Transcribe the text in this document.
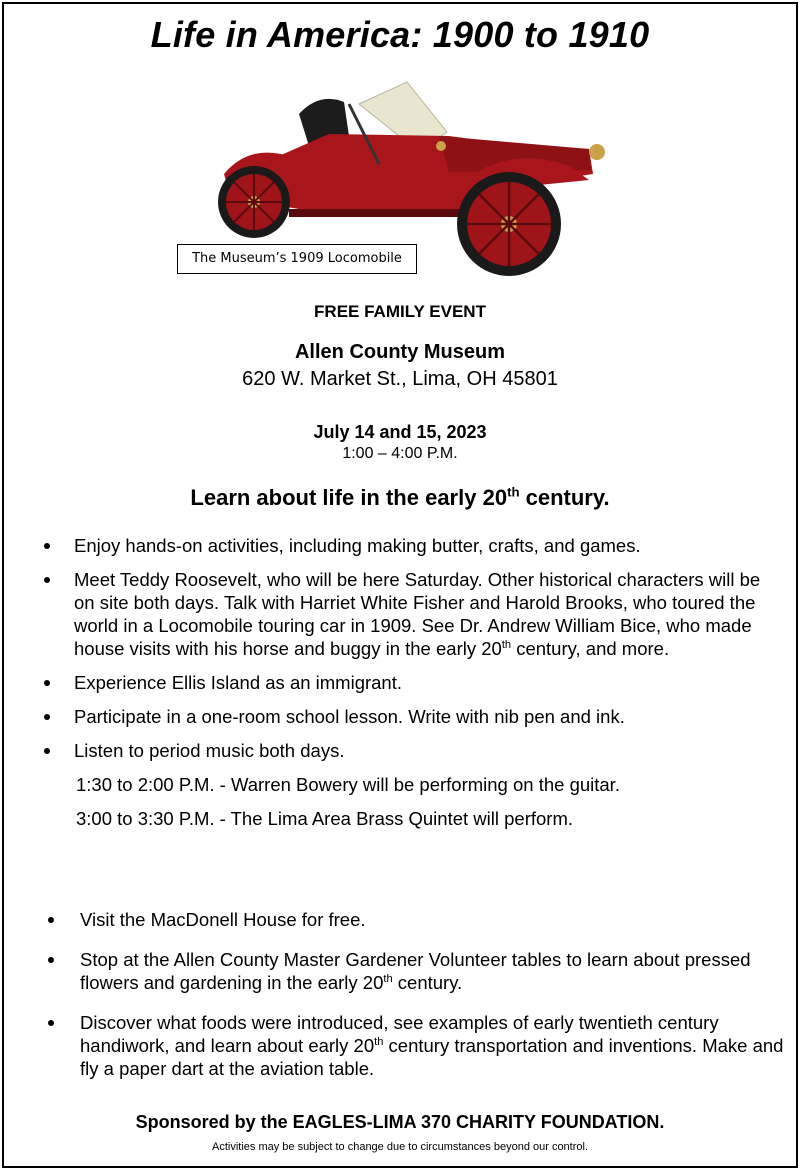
Life in America: 1900 to 1910
The Museum’s 1909 Locomobile
FREE FAMILY EVENT
Allen County Museum
620 W. Market St., Lima, OH 45801
July 14 and 15, 2023
1:00 – 4:00 P.M.
Learn about life in the early 20th century.
Enjoy hands-on activities, including making butter, crafts, and games.
Meet Teddy Roosevelt, who will be here Saturday. Other historical characters will be on site both days. Talk with Harriet White Fisher and Harold Brooks, who toured the world in a Locomobile touring car in 1909. See Dr. Andrew William Bice, who made house visits with his horse and buggy in the early 20th century, and more.
Experience Ellis Island as an immigrant.
Participate in a one-room school lesson. Write with nib pen and ink.
Listen to period music both days.
1:30 to 2:00 P.M. - Warren Bowery will be performing on the guitar.
3:00 to 3:30 P.M. - The Lima Area Brass Quintet will perform.
Visit the MacDonell House for free.
Stop at the Allen County Master Gardener Volunteer tables to learn about pressed flowers and gardening in the early 20th century.
Discover what foods were introduced, see examples of early twentieth century handiwork, and learn about early 20th century transportation and inventions. Make and fly a paper dart at the aviation table.
Sponsored by the EAGLES-LIMA 370 CHARITY FOUNDATION.
Activities may be subject to change due to circumstances beyond our control.
